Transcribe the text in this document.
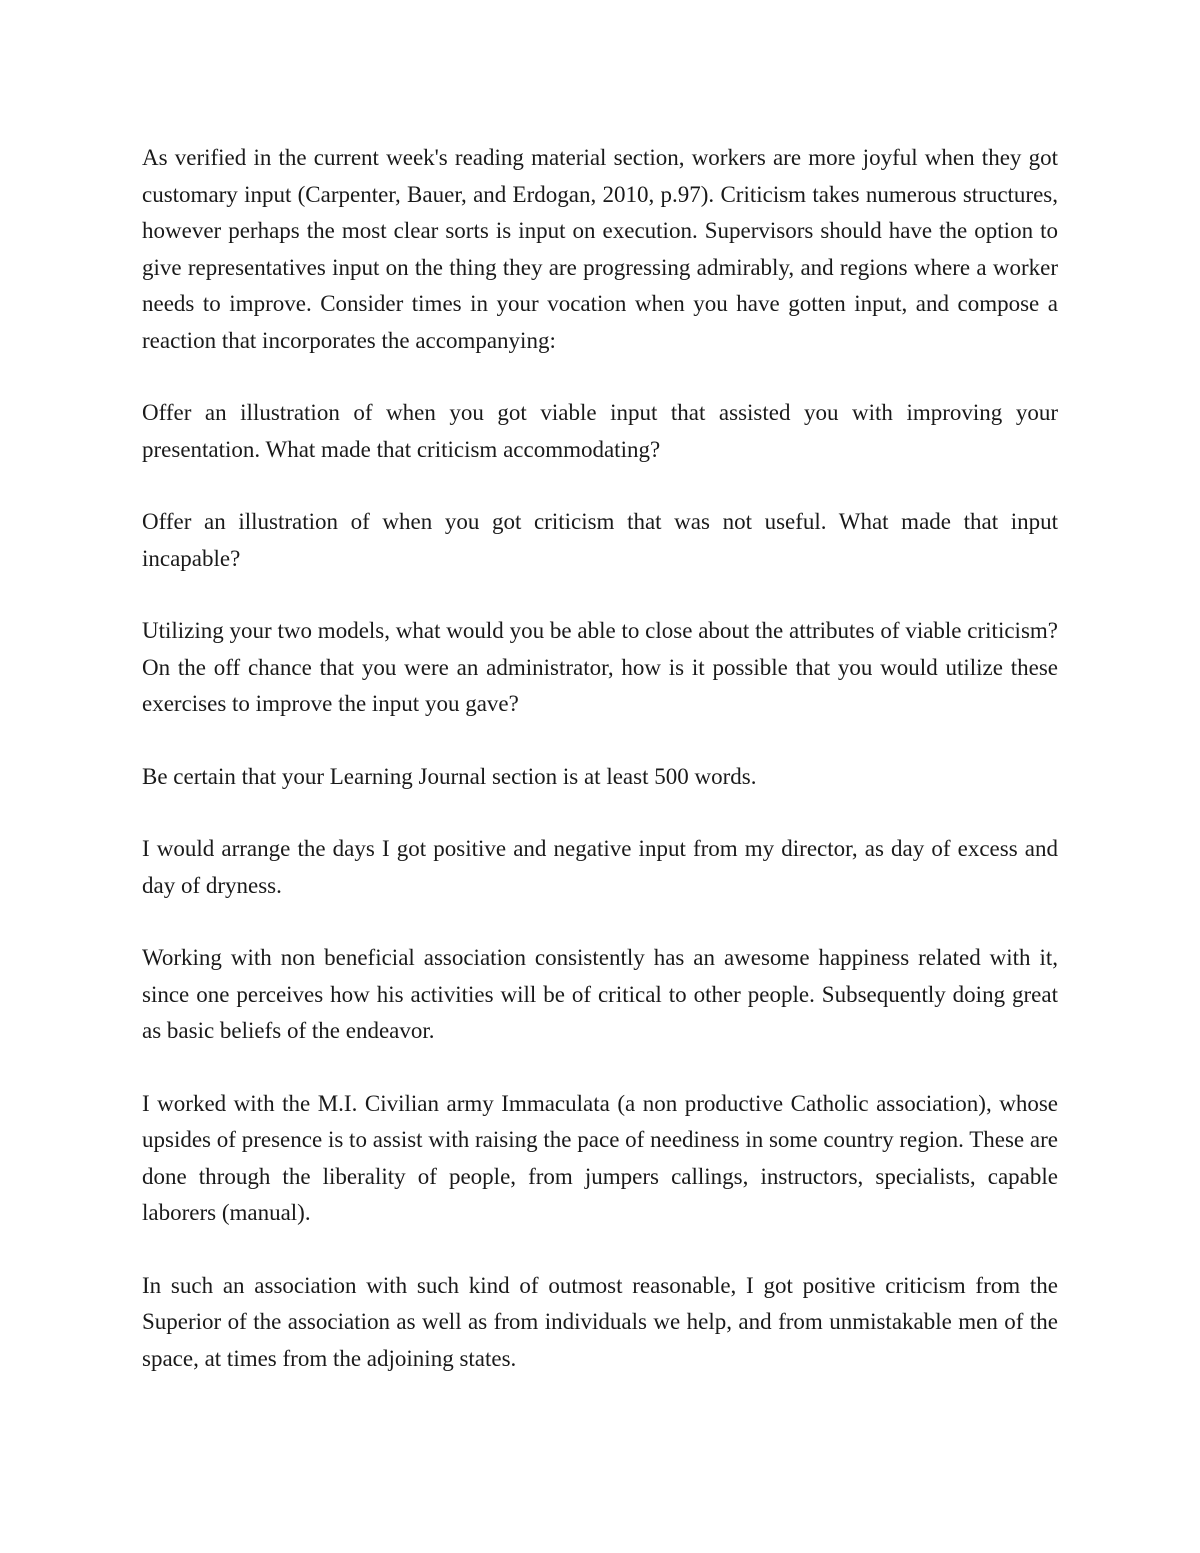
As verified in the current week's reading material section, workers are more joyful when they got customary input (Carpenter, Bauer, and Erdogan, 2010, p.97). Criticism takes numerous structures, however perhaps the most clear sorts is input on execution. Supervisors should have the option to give representatives input on the thing they are progressing admirably, and regions where a worker needs to improve. Consider times in your vocation when you have gotten input, and compose a reaction that incorporates the accompanying:

Offer an illustration of when you got viable input that assisted you with improving your presentation. What made that criticism accommodating?

Offer an illustration of when you got criticism that was not useful. What made that input incapable?

Utilizing your two models, what would you be able to close about the attributes of viable criticism? On the off chance that you were an administrator, how is it possible that you would utilize these exercises to improve the input you gave?

Be certain that your Learning Journal section is at least 500 words.

I would arrange the days I got positive and negative input from my director, as day of excess and day of dryness.

Working with non beneficial association consistently has an awesome happiness related with it, since one perceives how his activities will be of critical to other people. Subsequently doing great as basic beliefs of the endeavor.

I worked with the M.I. Civilian army Immaculata (a non productive Catholic association), whose upsides of presence is to assist with raising the pace of neediness in some country region. These are done through the liberality of people, from jumpers callings, instructors, specialists, capable laborers (manual).

In such an association with such kind of outmost reasonable, I got positive criticism from the Superior of the association as well as from individuals we help, and from unmistakable men of the space, at times from the adjoining states.
